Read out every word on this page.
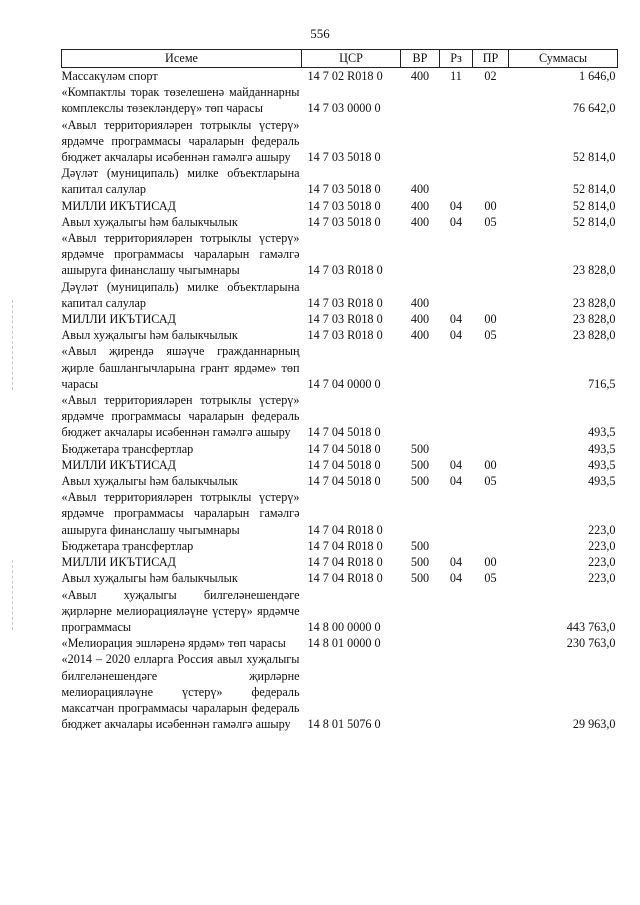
556
Исеме	ЦСР	ВР	Рз	ПР	Суммасы
Массакүләм спорт	14 7 02 R018 0	400	11	02	1 646,0
«Компактлы торак төзелешенә майданнарны комплекслы төзекләндерү» төп чарасы	14 7 03 0000 0				76 642,0
«Авыл территорияләрен тотрыклы үстерү» ярдәмче программасы чараларын федераль бюджет акчалары исәбеннән гамәлгә ашыру	14 7 03 5018 0				52 814,0
Дәүләт (муниципаль) милке объектларына капитал салулар	14 7 03 5018 0	400			52 814,0
МИЛЛИ ИКЪТИСАД	14 7 03 5018 0	400	04	00	52 814,0
Авыл хуҗалыгы һәм балыкчылык	14 7 03 5018 0	400	04	05	52 814,0
«Авыл территорияләрен тотрыклы үстерү» ярдәмче программасы чараларын гамәлгә ашыруга финанслашу чыгымнары	14 7 03 R018 0				23 828,0
Дәүләт (муниципаль) милке объектларына капитал салулар	14 7 03 R018 0	400			23 828,0
МИЛЛИ ИКЪТИСАД	14 7 03 R018 0	400	04	00	23 828,0
Авыл хуҗалыгы һәм балыкчылык	14 7 03 R018 0	400	04	05	23 828,0
«Авыл җирендә яшәүче гражданнарның җирле башлангычларына грант ярдәме» төп чарасы	14 7 04 0000 0				716,5
«Авыл территорияләрен тотрыклы үстерү» ярдәмче программасы чараларын федераль бюджет акчалары исәбеннән гамәлгә ашыру	14 7 04 5018 0				493,5
Бюджетара трансфертлар	14 7 04 5018 0	500			493,5
МИЛЛИ ИКЪТИСАД	14 7 04 5018 0	500	04	00	493,5
Авыл хуҗалыгы һәм балыкчылык	14 7 04 5018 0	500	04	05	493,5
«Авыл территорияләрен тотрыклы үстерү» ярдәмче программасы чараларын гамәлгә ашыруга финанслашу чыгымнары	14 7 04 R018 0				223,0
Бюджетара трансфертлар	14 7 04 R018 0	500			223,0
МИЛЛИ ИКЪТИСАД	14 7 04 R018 0	500	04	00	223,0
Авыл хуҗалыгы һәм балыкчылык	14 7 04 R018 0	500	04	05	223,0
«Авыл хуҗалыгы билгеләнешендәге җирләрне мелиорацияләүне үстерү» ярдәмче программасы	14 8 00 0000 0				443 763,0
«Мелиорация эшләренә ярдәм» төп чарасы	14 8 01 0000 0				230 763,0
«2014 – 2020 елларга Россия авыл хуҗалыгы билгеләнешендәге җирләрне мелиорацияләүне үстерү» федераль максатчан программасы чараларын федераль бюджет акчалары исәбеннән гамәлгә ашыру	14 8 01 5076 0				29 963,0
